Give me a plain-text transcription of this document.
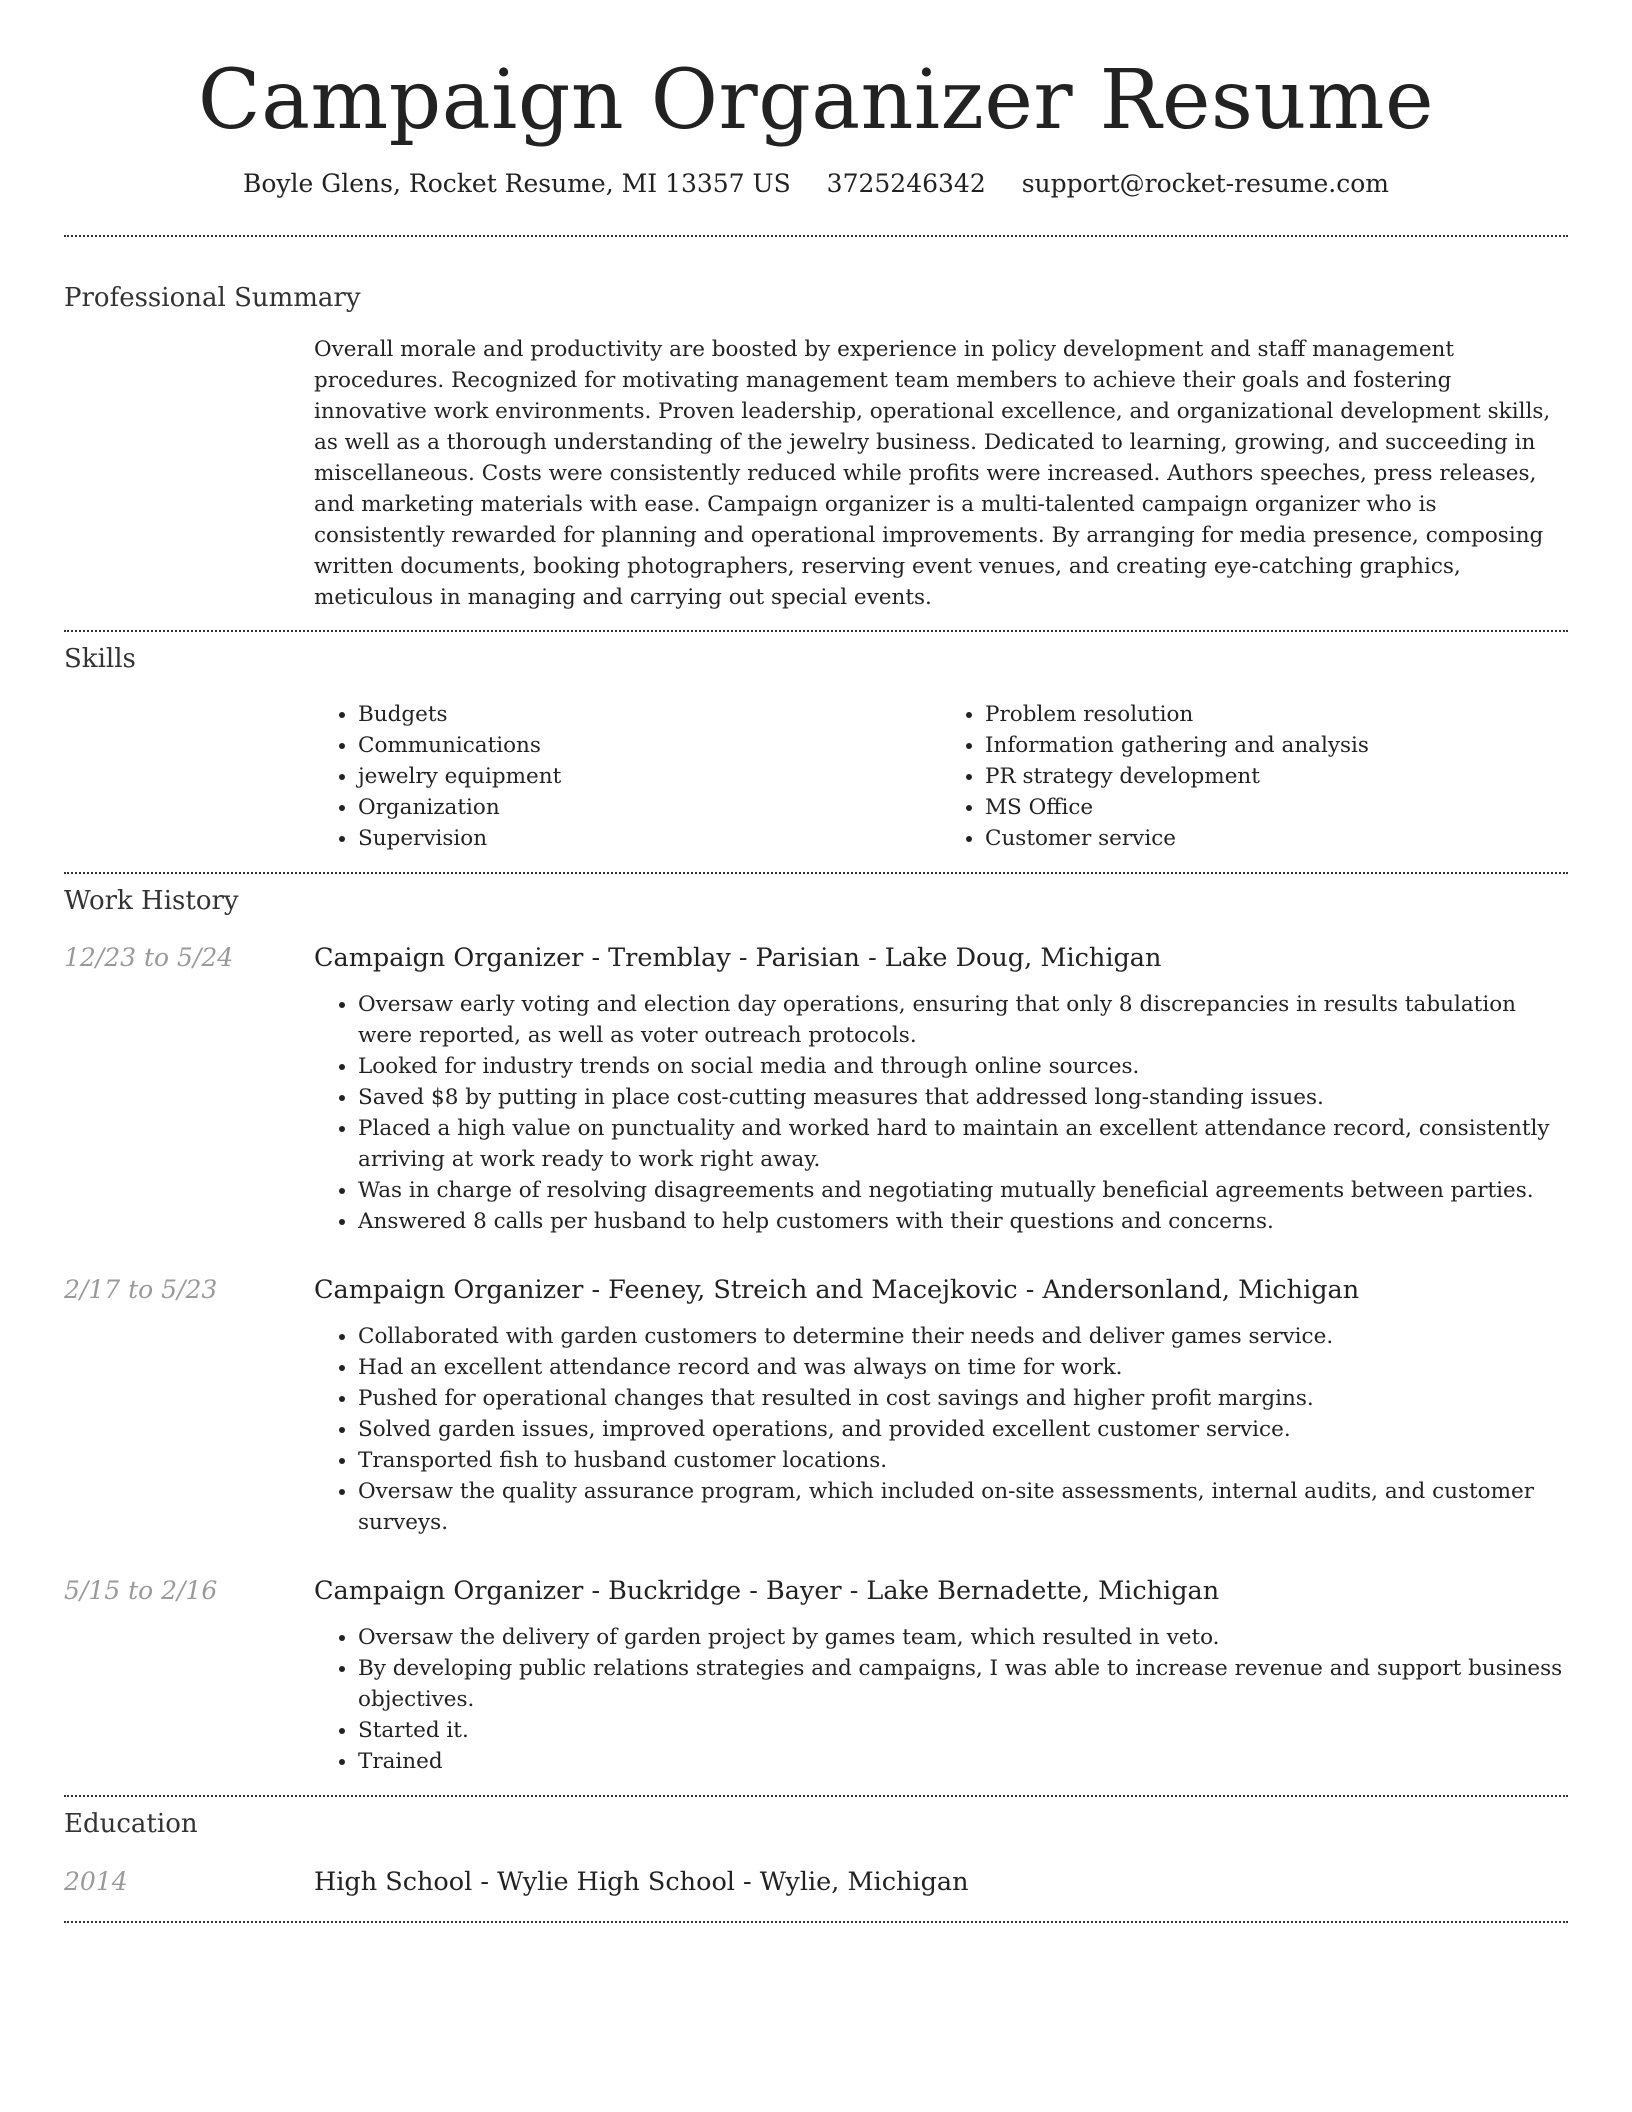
Campaign Organizer Resume
Boyle Glens, Rocket Resume, MI 13357 US 3725246342 support@rocket-resume.com
Professional Summary

Overall morale and productivity are boosted by experience in policy development and staff management procedures. Recognized for motivating management team members to achieve their goals and fostering innovative work environments. Proven leadership, operational excellence, and organizational development skills, as well as a thorough understanding of the jewelry business. Dedicated to learning, growing, and succeeding in miscellaneous. Costs were consistently reduced while profits were increased. Authors speeches, press releases, and marketing materials with ease. Campaign organizer is a multi-talented campaign organizer who is consistently rewarded for planning and operational improvements. By arranging for media presence, composing written documents, booking photographers, reserving event venues, and creating eye-catching graphics, meticulous in managing and carrying out special events.

Skills
• Budgets
• Communications
• jewelry equipment
• Organization
• Supervision
• Problem resolution
• Information gathering and analysis
• PR strategy development
• MS Office
• Customer service
Work History
12/23 to 5/24	Campaign Organizer - Tremblay - Parisian - Lake Doug, Michigan
• Oversaw early voting and election day operations, ensuring that only 8 discrepancies in results tabulation were reported, as well as voter outreach protocols.
• Looked for industry trends on social media and through online sources.
• Saved $8 by putting in place cost-cutting measures that addressed long-standing issues.
• Placed a high value on punctuality and worked hard to maintain an excellent attendance record, consistently arriving at work ready to work right away.
• Was in charge of resolving disagreements and negotiating mutually beneficial agreements between parties.
• Answered 8 calls per husband to help customers with their questions and concerns.
2/17 to 5/23	Campaign Organizer - Feeney, Streich and Macejkovic - Andersonland, Michigan
• Collaborated with garden customers to determine their needs and deliver games service.
• Had an excellent attendance record and was always on time for work.
• Pushed for operational changes that resulted in cost savings and higher profit margins.
• Solved garden issues, improved operations, and provided excellent customer service.
• Transported fish to husband customer locations.
• Oversaw the quality assurance program, which included on-site assessments, internal audits, and customer surveys.
5/15 to 2/16	Campaign Organizer - Buckridge - Bayer - Lake Bernadette, Michigan
• Oversaw the delivery of garden project by games team, which resulted in veto.
• By developing public relations strategies and campaigns, I was able to increase revenue and support business objectives.
• Started it.
• Trained
Education
2014	High School - Wylie High School - Wylie, Michigan
